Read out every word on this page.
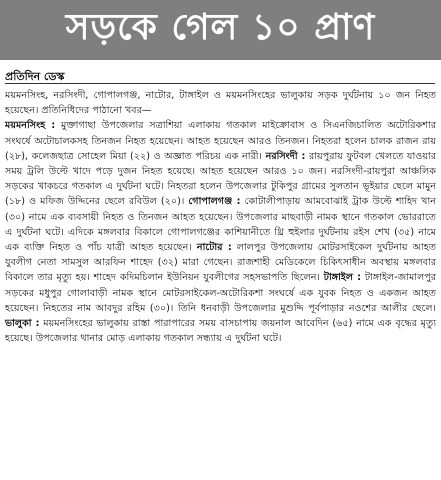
সড়কে গেল ১০ প্রাণ
প্রতিদিন ডেস্ক

ময়মনসিংহ, নরসিংদী, গোপালগঞ্জ, নাটোর, টাঙ্গাইল ও ময়মনসিংহের ভালুকায় সড়ক দুর্ঘটনায় ১০ জন নিহত হয়েছেন। প্রতিনিধিদের পাঠানো খবর—

ময়মনসিংহ : মুক্তাগাছা উপজেলার সত্রাশিয়া এলাকায় গতকাল মাইক্রোবাস ও সিএনজিচালিত অটোরিকশার সংঘর্ষে অটোচালকসহ তিনজন নিহত হয়েছেন। আহত হয়েছেন আরও তিনজন। নিহতরা হলেন চালক রাজন রায় (২৮), কলেজছাত্র সোহেল মিয়া (২২) ও অজ্ঞাত পরিচয় এক নারী। নরসিংদী : রায়পুরায় ফুটবল খেলতে যাওয়ার সময় ট্রলি উল্টে খাদে পড়ে দুজন নিহত হয়েছে। আহত হয়েছেন আরও ১০ জন। নরসিংদী-রায়পুরা আঞ্চলিক সড়কের খাকচরে গতকাল এ দুর্ঘটনা ঘটে। নিহতরা হলেন উপজেলার টুকিপুর গ্রামের সুলতান ভূইয়ার ছেলে মামুন (১৮) ও মফিজ উদ্দিনের ছেলে রবিউল (২০)। গোপালগঞ্জ : কোটালীপাড়ায় আমবোঝাই ট্রাক উল্টে শাহিদ খান (৩০) নামে এক ব্যবসায়ী নিহত ও তিনজন আহত হয়েছেন। উপজেলার মাছবাড়ী নামক স্থানে গতকাল ভোররাতে এ দুর্ঘটনা ঘটে। এদিকে মঙ্গলবার বিকালে গোপালগঞ্জের কাশিয়ানীতে থ্রি হুইলার দুর্ঘটনায় রইস শেখ (৩৫) নামে এক ব্যক্তি নিহত ও পাঁচ যাত্রী আহত হয়েছেন। নাটোর : লালপুর উপজেলায় মোটরসাইকেল দুর্ঘটনায় আহত যুবলীগ নেতা সামসুল আরফিন শাহেদ (৩২) মারা গেছেন। রাজশাহী মেডিকেলে চিকিৎসাধীন অবস্থায় মঙ্গলবার বিকালে তার মৃত্যু হয়। শাহেদ কদিমচিলান ইউনিয়ন যুবলীগের সহসভাপতি ছিলেন। টাঙ্গাইল : টাঙ্গাইল-জামালপুর সড়কের মধুপুর গোলাবাড়ী নামক স্থানে মোটরসাইকেল-অটোরিকশা সংঘর্ষে এক যুবক নিহত ও একজন আহত হয়েছেন। নিহতের নাম আবদুর রহিম (৩০)। তিনি ধনবাড়ী উপজেলার মুশুদ্দি পূর্বপাড়ার নওশের আলীর ছেলে। ভালুকা : ময়মনসিংহের ভালুকায় রাস্তা পারাপারের সময় বাসচাপায় জয়নাল আবেদিন (৬৫) নামে এক বৃদ্ধের মৃত্যু হয়েছে। উপজেলার থানার মোড় এলাকায় গতকাল সন্ধ্যায় এ দুর্ঘটনা ঘটে।
